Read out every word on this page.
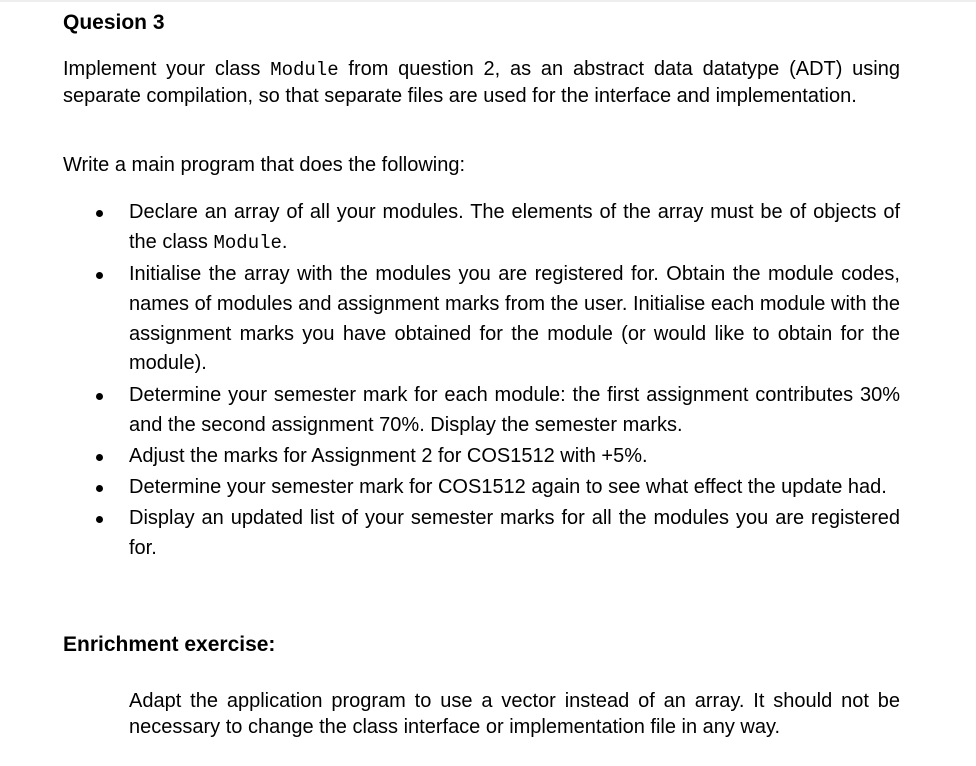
Quesion 3

Implement your class Module from question 2, as an abstract data datatype (ADT) using separate compilation, so that separate files are used for the interface and implementation.

Write a main program that does the following:

Declare an array of all your modules. The elements of the array must be of objects of the class Module.
Initialise the array with the modules you are registered for. Obtain the module codes, names of modules and assignment marks from the user. Initialise each module with the assignment marks you have obtained for the module (or would like to obtain for the module).
Determine your semester mark for each module: the first assignment contributes 30% and the second assignment 70%. Display the semester marks.
Adjust the marks for Assignment 2 for COS1512 with +5%.
Determine your semester mark for COS1512 again to see what effect the update had.
Display an updated list of your semester marks for all the modules you are registered for.
Enrichment exercise:

Adapt the application program to use a vector instead of an array. It should not be necessary to change the class interface or implementation file in any way.
